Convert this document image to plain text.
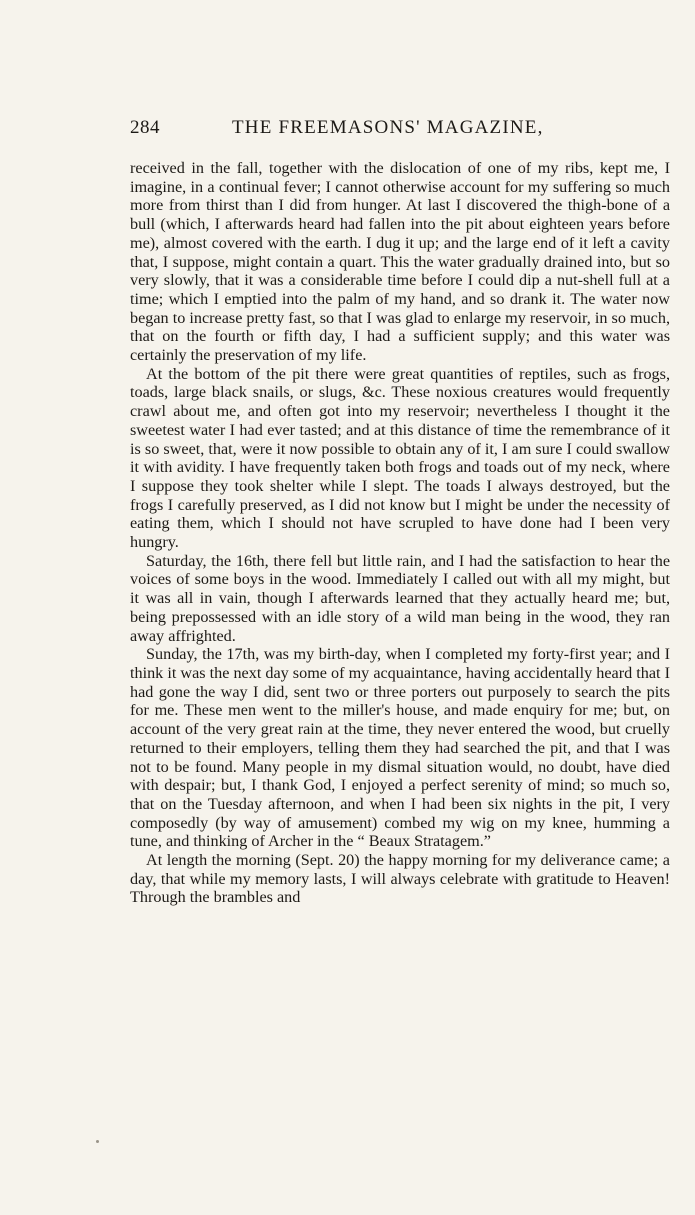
284	THE FREEMASONS' MAGAZINE,

received in the fall, together with the dislocation of one of my ribs, kept me, I imagine, in a continual fever; I cannot otherwise account for my suffering so much more from thirst than I did from hunger. At last I discovered the thigh-bone of a bull (which, I afterwards heard had fallen into the pit about eighteen years before me), almost covered with the earth. I dug it up; and the large end of it left a cavity that, I suppose, might contain a quart. This the water gradually drained into, but so very slowly, that it was a considerable time before I could dip a nut-shell full at a time; which I emptied into the palm of my hand, and so drank it. The water now began to increase pretty fast, so that I was glad to enlarge my reservoir, in so much, that on the fourth or fifth day, I had a sufficient supply; and this water was certainly the preservation of my life.

At the bottom of the pit there were great quantities of reptiles, such as frogs, toads, large black snails, or slugs, &c. These noxious creatures would frequently crawl about me, and often got into my reservoir; nevertheless I thought it the sweetest water I had ever tasted; and at this distance of time the remembrance of it is so sweet, that, were it now possible to obtain any of it, I am sure I could swallow it with avidity. I have frequently taken both frogs and toads out of my neck, where I suppose they took shelter while I slept. The toads I always destroyed, but the frogs I carefully preserved, as I did not know but I might be under the necessity of eating them, which I should not have scrupled to have done had I been very hungry.

Saturday, the 16th, there fell but little rain, and I had the satisfaction to hear the voices of some boys in the wood. Immediately I called out with all my might, but it was all in vain, though I afterwards learned that they actually heard me; but, being prepossessed with an idle story of a wild man being in the wood, they ran away affrighted.

Sunday, the 17th, was my birth-day, when I completed my forty-first year; and I think it was the next day some of my acquaintance, having accidentally heard that I had gone the way I did, sent two or three porters out purposely to search the pits for me. These men went to the miller's house, and made enquiry for me; but, on account of the very great rain at the time, they never entered the wood, but cruelly returned to their employers, telling them they had searched the pit, and that I was not to be found. Many people in my dismal situation would, no doubt, have died with despair; but, I thank God, I enjoyed a perfect serenity of mind; so much so, that on the Tuesday afternoon, and when I had been six nights in the pit, I very composedly (by way of amusement) combed my wig on my knee, humming a tune, and thinking of Archer in the “ Beaux Stratagem.”

At length the morning (Sept. 20) the happy morning for my deliverance came; a day, that while my memory lasts, I will always celebrate with gratitude to Heaven! Through the brambles and
